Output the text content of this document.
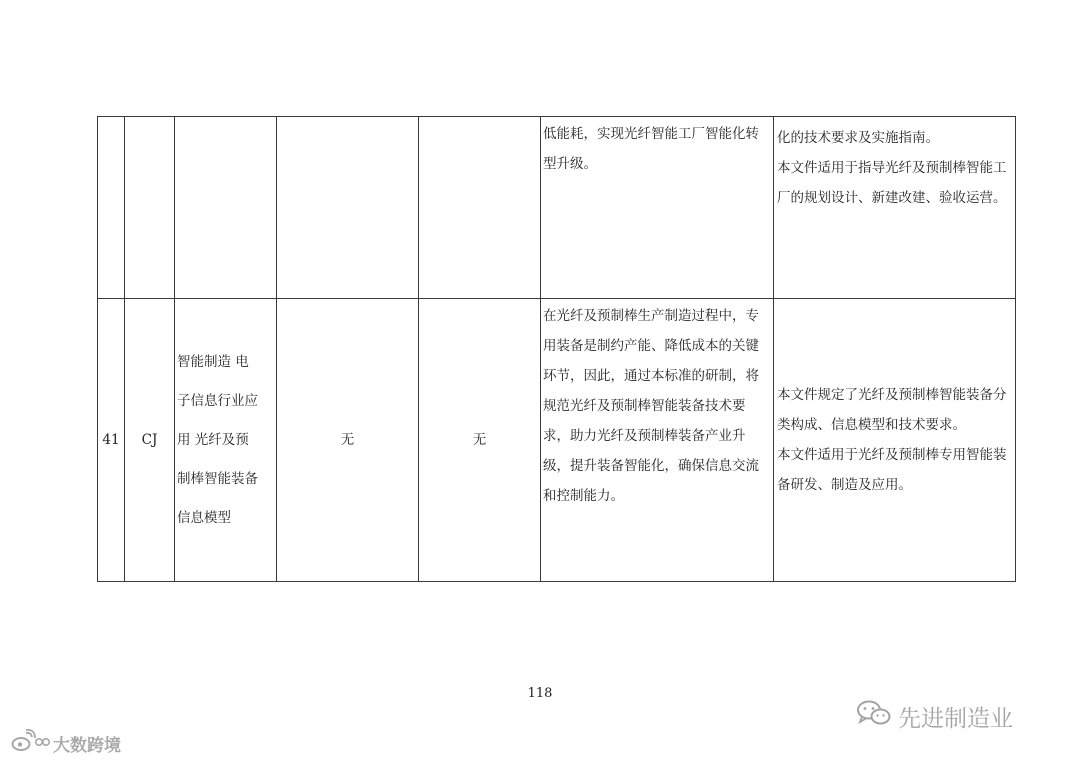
					低能耗，实现光纤智能工厂智能化转型升级。	化的技术要求及实施指南。
本文件适用于指导光纤及预制棒智能工厂的规划设计、新建改建、验收运营。

41	CJ	智能制造 电
子信息行业应
用 光纤及预
制棒智能装备
信息模型	无	无	在光纤及预制棒生产制造过程中，专用装备是制约产能、降低成本的关键环节，因此，通过本标准的研制，将规范光纤及预制棒智能装备技术要求，助力光纤及预制棒装备产业升级，提升装备智能化，确保信息交流和控制能力。	本文件规定了光纤及预制棒智能装备分类构成、信息模型和技术要求。
本文件适用于光纤及预制棒专用智能装备研发、制造及应用。
118
大数跨境
先进制造业
